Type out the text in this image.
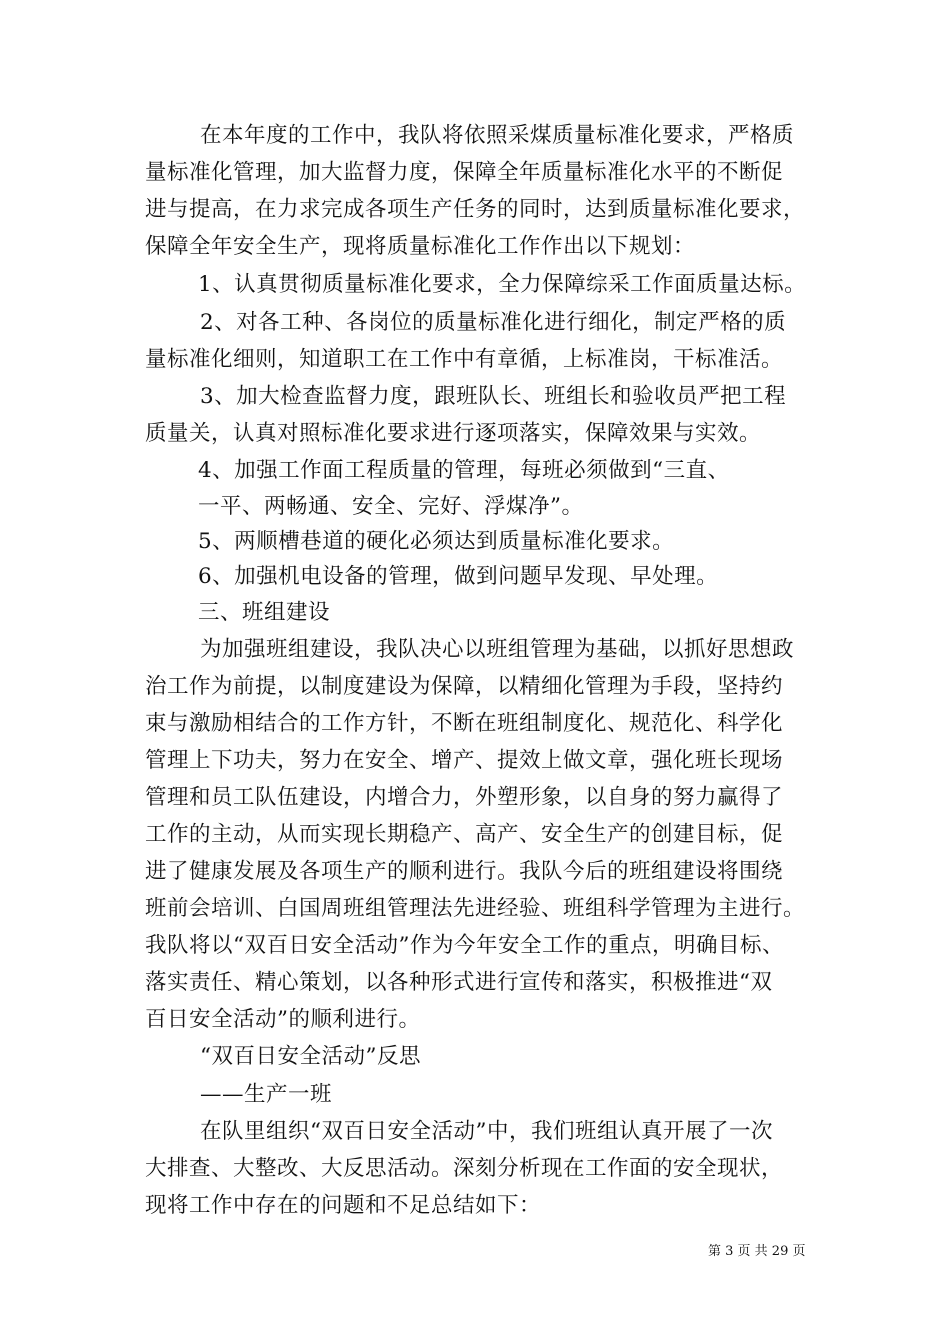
在本年度的工作中，我队将依照采煤质量标准化要求，严格质
量标准化管理，加大监督力度，保障全年质量标准化水平的不断促
进与提高，在力求完成各项生产任务的同时，达到质量标准化要求，
保障全年安全生产，现将质量标准化工作作出以下规划：
1、认真贯彻质量标准化要求，全力保障综采工作面质量达标。
2、对各工种、各岗位的质量标准化进行细化，制定严格的质
量标准化细则，知道职工在工作中有章循，上标准岗，干标准活。
3、加大检查监督力度，跟班队长、班组长和验收员严把工程
质量关，认真对照标准化要求进行逐项落实，保障效果与实效。
4、加强工作面工程质量的管理，每班必须做到“三直、
一平、两畅通、安全、完好、浮煤净”。
5、两顺槽巷道的硬化必须达到质量标准化要求。
6、加强机电设备的管理，做到问题早发现、早处理。
三、班组建设
为加强班组建设，我队决心以班组管理为基础，以抓好思想政
治工作为前提，以制度建设为保障，以精细化管理为手段，坚持约
束与激励相结合的工作方针，不断在班组制度化、规范化、科学化
管理上下功夫，努力在安全、增产、提效上做文章，强化班长现场
管理和员工队伍建设，内增合力，外塑形象，以自身的努力赢得了
工作的主动，从而实现长期稳产、高产、安全生产的创建目标，促
进了健康发展及各项生产的顺利进行。我队今后的班组建设将围绕
班前会培训、白国周班组管理法先进经验、班组科学管理为主进行。
我队将以“双百日安全活动”作为今年安全工作的重点，明确目标、
落实责任、精心策划，以各种形式进行宣传和落实，积极推进“双
百日安全活动”的顺利进行。
“双百日安全活动”反思
——生产一班
在队里组织“双百日安全活动”中，我们班组认真开展了一次
大排查、大整改、大反思活动。深刻分析现在工作面的安全现状，
现将工作中存在的问题和不足总结如下：
第 3 页 共 29 页
